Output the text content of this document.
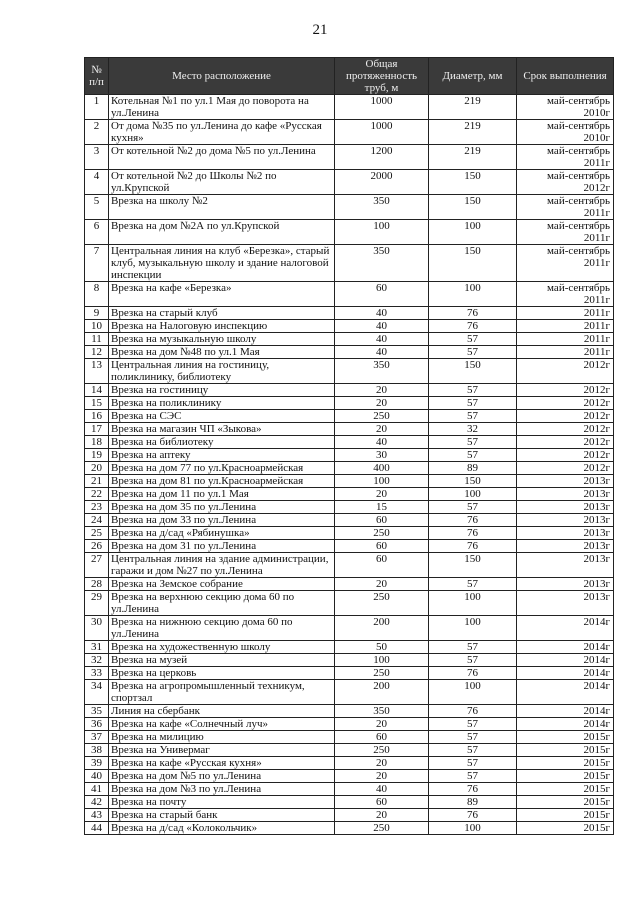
21
№ п/п	Место расположение	Общая протяженность труб, м	Диаметр, мм	Срок выполнения
1	Котельная №1 по ул.1 Мая до поворота на ул.Ленина	1000	219	май-сентябрь 2010г
2	От дома №35 по ул.Ленина до кафе «Русская кухня»	1000	219	май-сентябрь 2010г
3	От котельной №2 до дома №5 по ул.Ленина	1200	219	май-сентябрь 2011г
4	От котельной №2 до Школы №2 по ул.Крупской	2000	150	май-сентябрь 2012г
5	Врезка на школу №2	350	150	май-сентябрь 2011г
6	Врезка на дом №2А по ул.Крупской	100	100	май-сентябрь 2011г
7	Центральная линия на клуб «Березка», старый клуб, музыкальную школу и здание налоговой инспекции	350	150	май-сентябрь 2011г
8	Врезка на кафе «Березка»	60	100	май-сентябрь 2011г
9	Врезка на старый клуб	40	76	2011г
10	Врезка на Налоговую инспекцию	40	76	2011г
11	Врезка на музыкальную школу	40	57	2011г
12	Врезка на дом №48 по ул.1 Мая	40	57	2011г
13	Центральная линия на гостиницу, поликлинику, библиотеку	350	150	2012г
14	Врезка на гостиницу	20	57	2012г
15	Врезка на поликлинику	20	57	2012г
16	Врезка на СЭС	250	57	2012г
17	Врезка на магазин ЧП «Зыкова»	20	32	2012г
18	Врезка на библиотеку	40	57	2012г
19	Врезка на аптеку	30	57	2012г
20	Врезка на дом 77 по ул.Красноармейская	400	89	2012г
21	Врезка на дом 81 по ул.Красноармейская	100	150	2013г
22	Врезка на дом 11 по ул.1 Мая	20	100	2013г
23	Врезка на дом 35 по ул.Ленина	15	57	2013г
24	Врезка на дом 33 по ул.Ленина	60	76	2013г
25	Врезка на д/сад «Рябинушка»	250	76	2013г
26	Врезка на дом 31 по ул.Ленина	60	76	2013г
27	Центральная линия на здание администрации, гаражи и дом №27 по ул.Ленина	60	150	2013г
28	Врезка на Земское собрание	20	57	2013г
29	Врезка на верхнюю секцию дома 60 по ул.Ленина	250	100	2013г
30	Врезка на нижнюю секцию дома 60 по ул.Ленина	200	100	2014г
31	Врезка на художественную школу	50	57	2014г
32	Врезка на музей	100	57	2014г
33	Врезка на церковь	250	76	2014г
34	Врезка на агропромышленный техникум, спортзал	200	100	2014г
35	Линия на сбербанк	350	76	2014г
36	Врезка на кафе «Солнечный луч»	20	57	2014г
37	Врезка на милицию	60	57	2015г
38	Врезка на Универмаг	250	57	2015г
39	Врезка на кафе «Русская кухня»	20	57	2015г
40	Врезка на дом №5 по ул.Ленина	20	57	2015г
41	Врезка на дом №3 по ул.Ленина	40	76	2015г
42	Врезка на почту	60	89	2015г
43	Врезка на старый банк	20	76	2015г
44	Врезка на д/сад «Колокольчик»	250	100	2015г
